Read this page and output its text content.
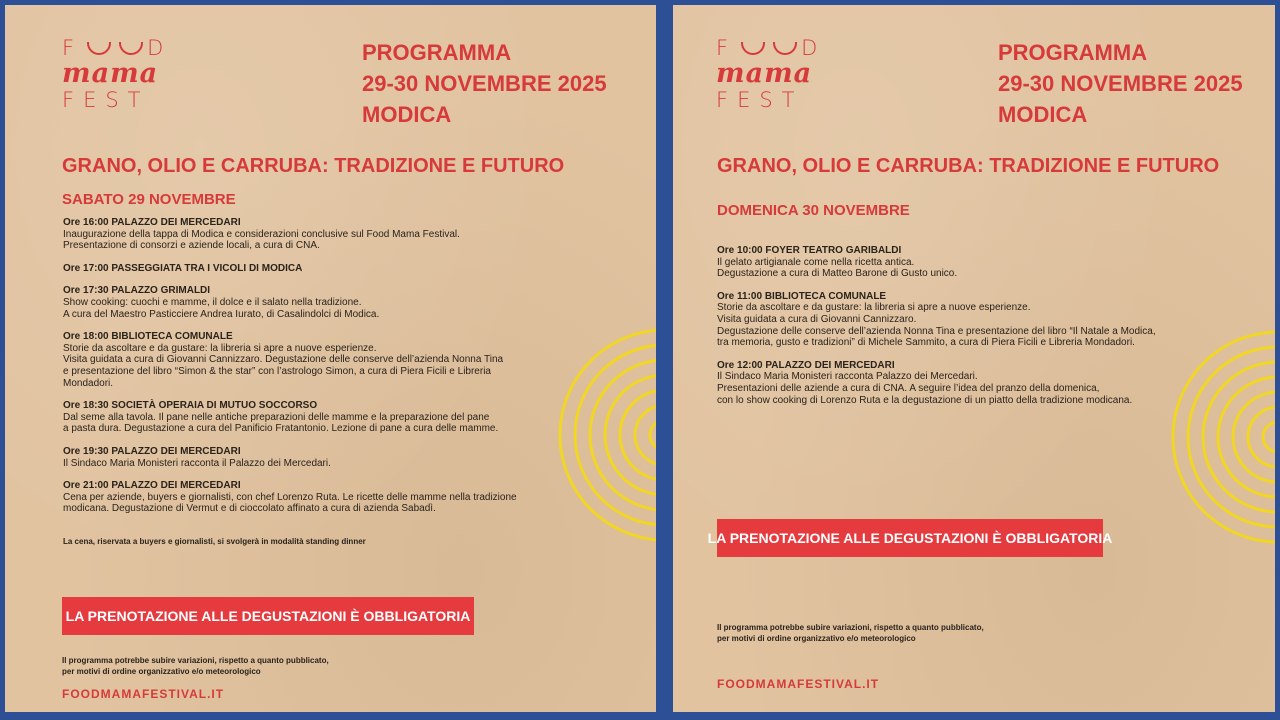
F	D
mama
FEST
PROGRAMMA
29-30 NOVEMBRE 2025
MODICA
GRANO, OLIO E CARRUBA: TRADIZIONE E FUTURO
SABATO 29 NOVEMBRE
Ore 16:00 PALAZZO DEI MERCEDARI
Inaugurazione della tappa di Modica e considerazioni conclusive sul Food Mama Festival.
Presentazione di consorzi e aziende locali, a cura di CNA.
Ore 17:00 PASSEGGIATA TRA I VICOLI DI MODICA
Ore 17:30 PALAZZO GRIMALDI
Show cooking: cuochi e mamme, il dolce e il salato nella tradizione.
A cura del Maestro Pasticciere Andrea Iurato, di Casalindolci di Modica.
Ore 18:00 BIBLIOTECA COMUNALE
Storie da ascoltare e da gustare: la libreria si apre a nuove esperienze.
Visita guidata a cura di Giovanni Cannizzaro. Degustazione delle conserve dell’azienda Nonna Tina
e presentazione del libro “Simon & the star” con l’astrologo Simon, a cura di Piera Ficili e Libreria
Mondadori.
Ore 18:30 SOCIETÀ OPERAIA DI MUTUO SOCCORSO
Dal seme alla tavola. Il pane nelle antiche preparazioni delle mamme e la preparazione del pane
a pasta dura. Degustazione a cura del Panificio Fratantonio. Lezione di pane a cura delle mamme.
Ore 19:30 PALAZZO DEI MERCEDARI
Il Sindaco Maria Monisteri racconta il Palazzo dei Mercedari.
Ore 21:00 PALAZZO DEI MERCEDARI
Cena per aziende, buyers e giornalisti, con chef Lorenzo Ruta. Le ricette delle mamme nella tradizione
modicana. Degustazione di Vermut e di cioccolato affinato a cura di azienda Sabadì.
La cena, riservata a buyers e giornalisti, si svolgerà in modalità standing dinner
LA PRENOTAZIONE ALLE DEGUSTAZIONI È OBBLIGATORIA
Il programma potrebbe subire variazioni, rispetto a quanto pubblicato,
per motivi di ordine organizzativo e/o meteorologico
FOODMAMAFESTIVAL.IT
F	D
mama
FEST
PROGRAMMA
29-30 NOVEMBRE 2025
MODICA
GRANO, OLIO E CARRUBA: TRADIZIONE E FUTURO
DOMENICA 30 NOVEMBRE
Ore 10:00 FOYER TEATRO GARIBALDI
Il gelato artigianale come nella ricetta antica.
Degustazione a cura di Matteo Barone di Gusto unico.
Ore 11:00 BIBLIOTECA COMUNALE
Storie da ascoltare e da gustare: la libreria si apre a nuove esperienze.
Visita guidata a cura di Giovanni Cannizzaro.
Degustazione delle conserve dell’azienda Nonna Tina e presentazione del libro “Il Natale a Modica,
tra memoria, gusto e tradizioni” di Michele Sammito, a cura di Piera Ficili e Libreria Mondadori.
Ore 12:00 PALAZZO DEI MERCEDARI
Il Sindaco Maria Monisteri racconta Palazzo dei Mercedari.
Presentazioni delle aziende a cura di CNA. A seguire l’idea del pranzo della domenica,
con lo show cooking di Lorenzo Ruta e la degustazione di un piatto della tradizione modicana.
LA PRENOTAZIONE ALLE DEGUSTAZIONI È OBBLIGATORIA
Il programma potrebbe subire variazioni, rispetto a quanto pubblicato,
per motivi di ordine organizzativo e/o meteorologico
FOODMAMAFESTIVAL.IT
